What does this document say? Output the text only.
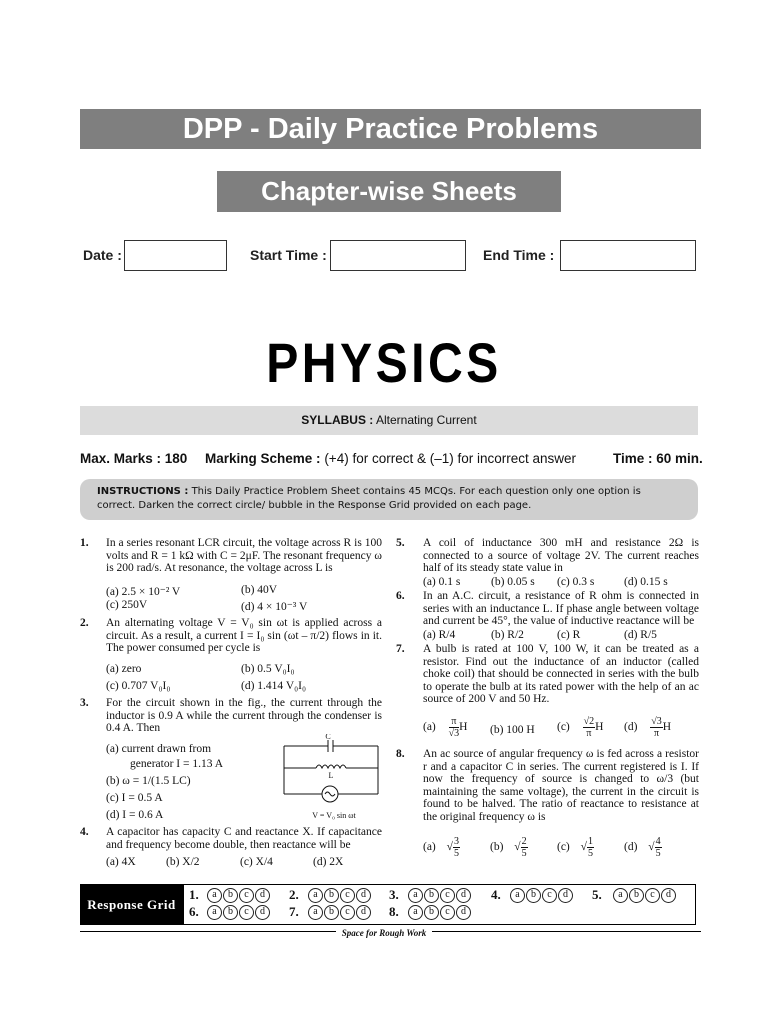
DPP - Daily Practice Problems
Chapter-wise Sheets
Date :	Start Time :	End Time :
PHYSICS
SYLLABUS : Alternating Current
Max. Marks : 180 Marking Scheme : (+4) for correct & (–1) for incorrect answer	Time : 60 min.
INSTRUCTIONS : This Daily Practice Problem Sheet contains 45 MCQs. For each question only one option is correct. Darken the correct circle/ bubble in the Response Grid provided on each page.
1. In a series resonant LCR circuit, the voltage across R is 100 volts and R = 1 kΩ with C = 2μF. The resonant frequency ω is 200 rad/s. At resonance, the voltage across L is
(a) 2.5 × 10⁻² V	(b) 40V
(c) 250V	(d) 4 × 10⁻³ V
2. An alternating voltage V = V₀ sin ωt is applied across a circuit. As a result, a current I = I₀ sin (ωt – π/2) flows in it. The power consumed per cycle is
(a) zero	(b) 0.5 V₀I₀
(c) 0.707 V₀I₀	(d) 1.414 V₀I₀
3. For the circuit shown in the fig., the current through the inductor is 0.9 A while the current through the condenser is 0.4 A. Then
(a) current drawn from
generator I = 1.13 A
(b) ω = 1/(1.5 LC)
(c) I = 0.5 A
(d) I = 0.6 A
C
L
V = V₀ sin ωt
4. A capacitor has capacity C and reactance X. If capacitance and frequency become double, then reactance will be
(a) 4X	(b) X/2	(c) X/4	(d) 2X
5. A coil of inductance 300 mH and resistance 2Ω is connected to a source of voltage 2V. The current reaches half of its steady state value in
(a) 0.1 s	(b) 0.05 s (c) 0.3 s	(d) 0.15 s
6. In an A.C. circuit, a resistance of R ohm is connected in series with an inductance L. If phase angle between voltage and current be 45°, the value of inductive reactance will be
(a) R/4	(b) R/2	(c) R	(d) R/5
7. A bulb is rated at 100 V, 100 W, it can be treated as a resistor. Find out the inductance of an inductor (called choke coil) that should be connected in series with the bulb to operate the bulb at its rated power with the help of an ac source of 200 V and 50 Hz.
$(a) \frac{\pi}{√3}$ H (b) 100 H $(c) \frac{√2}{\pi}$ H $(d) \frac{√3}{\pi}$ H
8. An ac source of angular frequency ω is fed across a resistor r and a capacitor C in series. The current registered is I. If now the frequency of source is changed to ω/3 (but maintaining the same voltage), the current in the circuit is found to be halved. The ratio of reactance to resistance at the original frequency ω is
(a) √ $\frac{3}{5}$	(b) √ $\frac{2}{5}$	(c) √ $\frac{1}{5}$	(d) √ $\frac{4}{5}$
Response Grid
1.	a	b	c	d	2.	a	b	c	d	3.	a	b	c	d	4.	a	b	c	d	5.	a	b	c	d
6.	a	b	c	d	7.	a	b	c	d	8.	a	b	c	d
Space for Rough Work
